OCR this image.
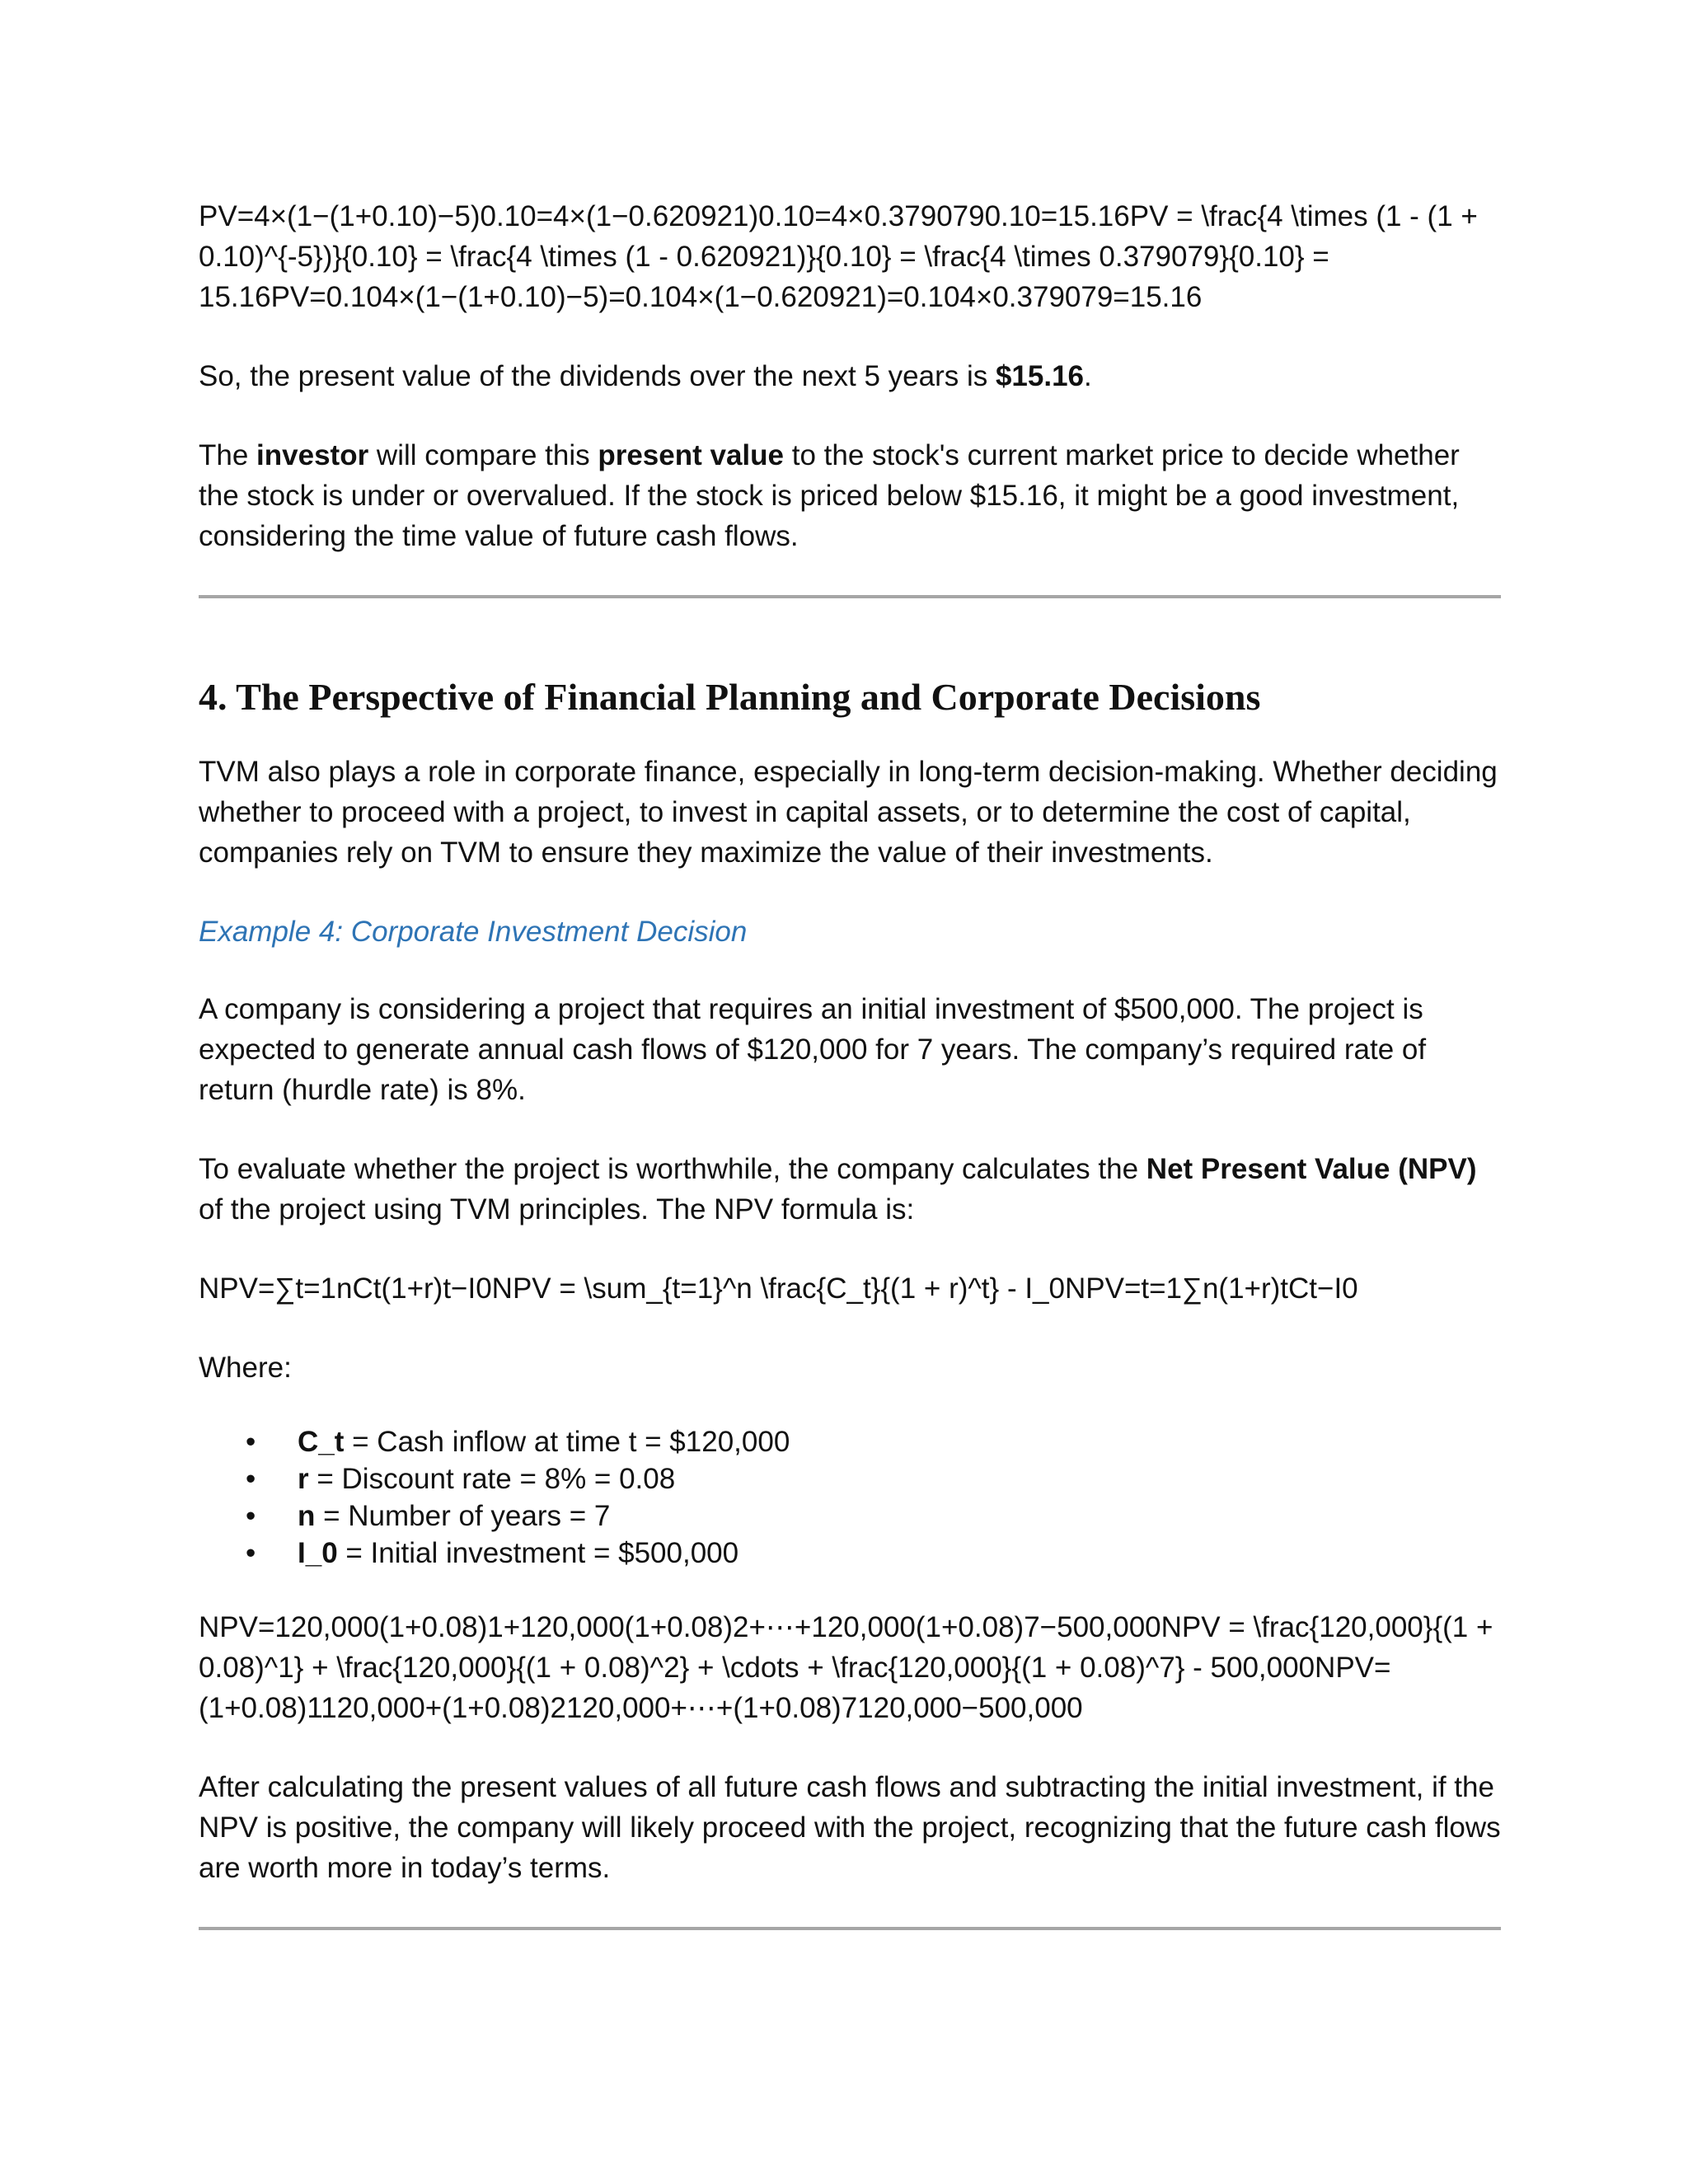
PV=4×(1−(1+0.10)−5)0.10=4×(1−0.620921)0.10=4×0.3790790.10=15.16PV = \frac{4 \times (1 - (1 + 0.10)^{-5})}{0.10} = \frac{4 \times (1 - 0.620921)}{0.10} = \frac{4 \times 0.379079}{0.10} = 15.16PV=0.104×(1−(1+0.10)−5)=0.104×(1−0.620921)=0.104×0.379079=15.16

So, the present value of the dividends over the next 5 years is $15.16.

The investor will compare this present value to the stock's current market price to decide whether the stock is under or overvalued. If the stock is priced below $15.16, it might be a good investment, considering the time value of future cash flows.

4. The Perspective of Financial Planning and Corporate Decisions

TVM also plays a role in corporate finance, especially in long-term decision-making. Whether deciding whether to proceed with a project, to invest in capital assets, or to determine the cost of capital, companies rely on TVM to ensure they maximize the value of their investments.

Example 4: Corporate Investment Decision

A company is considering a project that requires an initial investment of $500,000. The project is expected to generate annual cash flows of $120,000 for 7 years. The company’s required rate of return (hurdle rate) is 8%.

To evaluate whether the project is worthwhile, the company calculates the Net Present Value (NPV) of the project using TVM principles. The NPV formula is:

NPV=∑t=1nCt(1+r)t−I0NPV = \sum_{t=1}^n \frac{C_t}{(1 + r)^t} - I_0NPV=t=1∑n(1+r)tCt−I0

Where:

• C_t = Cash inflow at time t = $120,000
• r = Discount rate = 8% = 0.08
• n = Number of years = 7
• I_0 = Initial investment = $500,000

NPV=120,000(1+0.08)1+120,000(1+0.08)2+⋯+120,000(1+0.08)7−500,000NPV = \frac{120,000}{(1 + 0.08)^1} + \frac{120,000}{(1 + 0.08)^2} + \cdots + \frac{120,000}{(1 + 0.08)^7} - 500,000NPV=(1+0.08)1120,000+(1+0.08)2120,000+⋯+(1+0.08)7120,000−500,000

After calculating the present values of all future cash flows and subtracting the initial investment, if the NPV is positive, the company will likely proceed with the project, recognizing that the future cash flows are worth more in today’s terms.
